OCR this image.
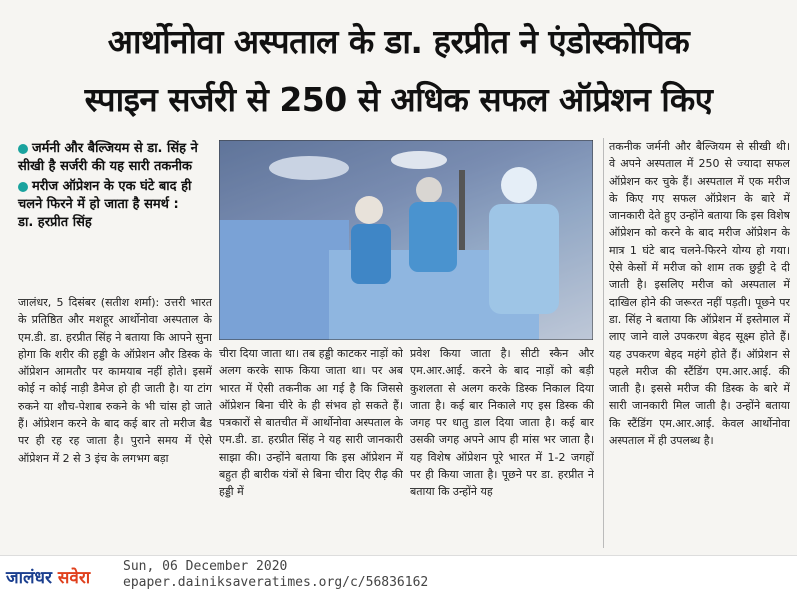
आर्थोनोवा अस्पताल के डा. हरप्रीत ने एंडोस्कोपिक
स्पाइन सर्जरी से 250 से अधिक सफल ऑप्रेशन किए
जर्मनी और बैल्जियम से डा. सिंह ने सीखी है सर्जरी की यह सारी तकनीक
मरीज ऑप्रेशन के एक घंटे बाद ही चलने फिरने में हो जाता है समर्थ : डा. हरप्रीत सिंह
जालंधर, 5 दिसंबर (सतीश शर्मा): उत्तरी भारत के प्रतिष्ठित और मशहूर आर्थोनोवा अस्पताल के एम.डी. डा. हरप्रीत सिंह ने बताया कि आपने सुना होगा कि शरीर की हड्डी के ऑप्रेशन और डिस्क के ऑप्रेशन आमतौर पर कामयाब नहीं होते। इसमें कोई न कोई नाड़ी डैमेज हो ही जाती है। या टांग रुकने या शौच-पेशाब रुकने के भी चांस हो जाते हैं। ऑप्रेशन करने के बाद कई बार तो मरीज बैड पर ही रह रह जाता है। पुराने समय में ऐसे ऑप्रेशन में 2 से 3 इंच के लगभग बड़ा
चीरा दिया जाता था। तब हड्डी काटकर नाड़ों को अलग करके साफ किया जाता था। पर अब भारत में ऐसी तकनीक आ गई है कि जिससे ऑप्रेशन बिना चीरे के ही संभव हो सकते हैं। पत्रकारों से बातचीत में आर्थोनोवा अस्पताल के एम.डी. डा. हरप्रीत सिंह ने यह सारी जानकारी साझा की। उन्होंने बताया कि इस ऑप्रेशन में बहुत ही बारीक यंत्रों से बिना चीरा दिए रीढ़ की हड्डी में
प्रवेश किया जाता है। सीटी स्कैन और एम.आर.आई. करने के बाद नाड़ों को बड़ी कुशलता से अलग करके डिस्क निकाल दिया जाता है। कई बार निकाले गए इस डिस्क की जगह पर धातु डाल दिया जाता है। कई बार उसकी जगह अपने आप ही मांस भर जाता है। यह विशेष ऑप्रेशन पूरे भारत में 1-2 जगहों पर ही किया जाता है। पूछने पर डा. हरप्रीत ने बताया कि उन्होंने यह
तकनीक जर्मनी और बैल्जियम से सीखी थी। वे अपने अस्पताल में 250 से ज्यादा सफल ऑप्रेशन कर चुके हैं। अस्पताल में एक मरीज के किए गए सफल ऑप्रेशन के बारे में जानकारी देते हुए उन्होंने बताया कि इस विशेष ऑप्रेशन को करने के बाद मरीज ऑप्रेशन के मात्र 1 घंटे बाद चलने-फिरने योग्य हो गया। ऐसे केसों में मरीज को शाम तक छुट्टी दे दी जाती है। इसलिए मरीज को अस्पताल में दाखिल होने की जरूरत नहीं पड़ती। पूछने पर डा. सिंह ने बताया कि ऑप्रेशन में इस्तेमाल में लाए जाने वाले उपकरण बेहद सूक्ष्म होते हैं। यह उपकरण बेहद महंगे होते हैं। ऑप्रेशन से पहले मरीज की स्टैंडिंग एम.आर.आई. की जाती है। इससे मरीज की डिस्क के बारे में सारी जानकारी मिल जाती है। उन्होंने बताया कि स्टैंडिंग एम.आर.आई. केवल आर्थोनोवा अस्पताल में ही उपलब्ध है।
जालंधर सवेरा
Sun, 06 December 2020
epaper.dainiksaveratimes.org/c/56836162
